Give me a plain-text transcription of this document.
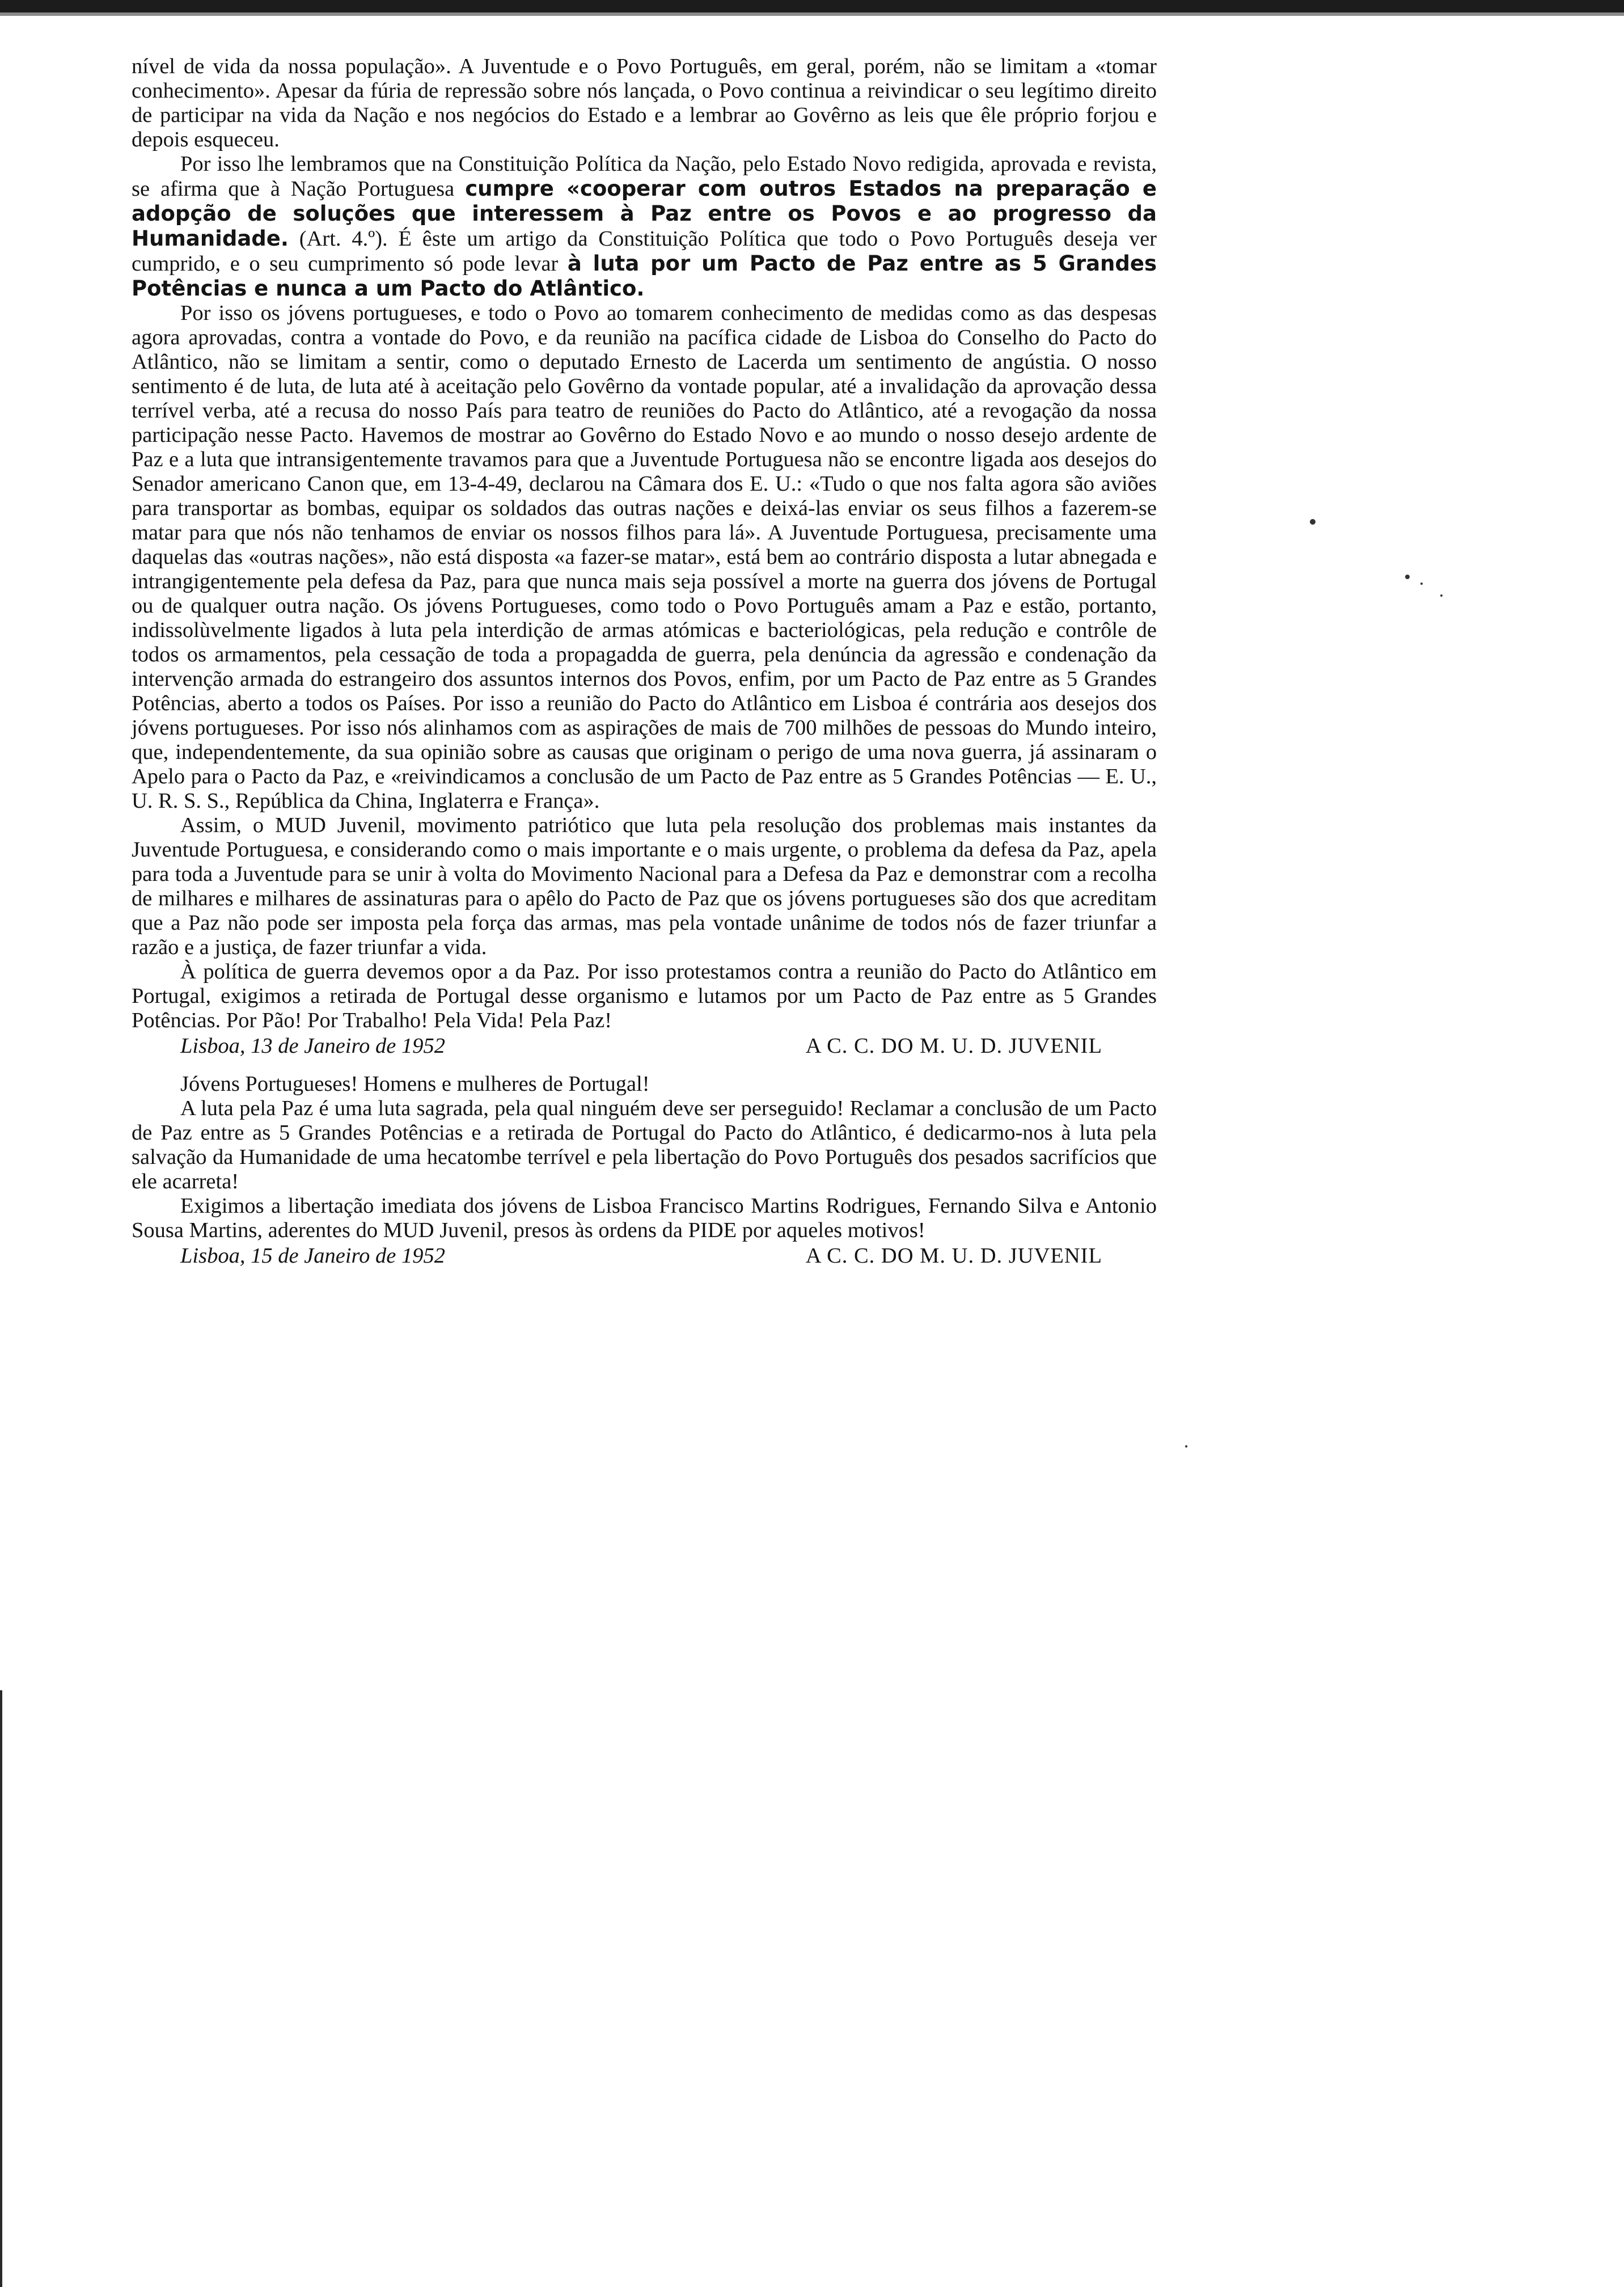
nível de vida da nossa população». A Juventude e o Povo Português, em geral, porém, não se limitam a «tomar conhecimento». Apesar da fúria de repressão sobre nós lançada, o Povo continua a reivindicar o seu legítimo direito de participar na vida da Nação e nos negócios do Estado e a lembrar ao Govêrno as leis que êle próprio forjou e depois esqueceu.

Por isso lhe lembramos que na Constituição Política da Nação, pelo Estado Novo redigida, aprovada e revista, se afirma que à Nação Portuguesa cumpre «cooperar com outros Estados na preparação e adopção de soluções que interessem à Paz entre os Povos e ao progresso da Humanidade. (Art. 4.º). É êste um artigo da Constituição Política que todo o Povo Português deseja ver cumprido, e o seu cumprimento só pode levar à luta por um Pacto de Paz entre as 5 Grandes Potências e nunca a um Pacto do Atlântico.

Por isso os jóvens portugueses, e todo o Povo ao tomarem conhecimento de medidas como as das despesas agora aprovadas, contra a vontade do Povo, e da reunião na pacífica cidade de Lisboa do Conselho do Pacto do Atlântico, não se limitam a sentir, como o deputado Ernesto de Lacerda um sentimento de angústia. O nosso sentimento é de luta, de luta até à aceitação pelo Govêrno da vontade popular, até a invalidação da aprovação dessa terrível verba, até a recusa do nosso País para teatro de reuniões do Pacto do Atlântico, até a revogação da nossa participação nesse Pacto. Havemos de mostrar ao Govêrno do Estado Novo e ao mundo o nosso desejo ardente de Paz e a luta que intransigentemente travamos para que a Juventude Portuguesa não se encontre ligada aos desejos do Senador americano Canon que, em 13-4-49, declarou na Câmara dos E. U.: «Tudo o que nos falta agora são aviões para transportar as bombas, equipar os soldados das outras nações e deixá-las enviar os seus filhos a fazerem-se matar para que nós não tenhamos de enviar os nossos filhos para lá». A Juventude Portuguesa, precisamente uma daquelas das «outras nações», não está disposta «a fazer-se matar», está bem ao contrário disposta a lutar abnegada e intrangigentemente pela defesa da Paz, para que nunca mais seja possível a morte na guerra dos jóvens de Portugal ou de qualquer outra nação. Os jóvens Portugueses, como todo o Povo Português amam a Paz e estão, portanto, indissolùvelmente ligados à luta pela interdição de armas atómicas e bacteriológicas, pela redução e contrôle de todos os armamentos, pela cessação de toda a propagadda de guerra, pela denúncia da agressão e condenação da intervenção armada do estrangeiro dos assuntos internos dos Povos, enfim, por um Pacto de Paz entre as 5 Grandes Potências, aberto a todos os Países. Por isso a reunião do Pacto do Atlântico em Lisboa é contrária aos desejos dos jóvens portugueses. Por isso nós alinhamos com as aspirações de mais de 700 milhões de pessoas do Mundo inteiro, que, independentemente, da sua opinião sobre as causas que originam o perigo de uma nova guerra, já assinaram o Apelo para o Pacto da Paz, e «reivindicamos a conclusão de um Pacto de Paz entre as 5 Grandes Potências — E. U., U. R. S. S., República da China, Inglaterra e França».

Assim, o MUD Juvenil, movimento patriótico que luta pela resolução dos problemas mais instantes da Juventude Portuguesa, e considerando como o mais importante e o mais urgente, o problema da defesa da Paz, apela para toda a Juventude para se unir à volta do Movimento Nacional para a Defesa da Paz e demonstrar com a recolha de milhares e milhares de assinaturas para o apêlo do Pacto de Paz que os jóvens portugueses são dos que acreditam que a Paz não pode ser imposta pela força das armas, mas pela vontade unânime de todos nós de fazer triunfar a razão e a justiça, de fazer triunfar a vida.

À política de guerra devemos opor a da Paz. Por isso protestamos contra a reunião do Pacto do Atlântico em Portugal, exigimos a retirada de Portugal desse organismo e lutamos por um Pacto de Paz entre as 5 Grandes Potências. Por Pão! Por Trabalho! Pela Vida! Pela Paz!

Lisboa, 13 de Janeiro de 1952	A C. C. DO M. U. D. JUVENIL

Jóvens Portugueses! Homens e mulheres de Portugal!

A luta pela Paz é uma luta sagrada, pela qual ninguém deve ser perseguido! Reclamar a conclusão de um Pacto de Paz entre as 5 Grandes Potências e a retirada de Portugal do Pacto do Atlântico, é dedicarmo-nos à luta pela salvação da Humanidade de uma hecatombe terrível e pela libertação do Povo Português dos pesados sacrifícios que ele acarreta!

Exigimos a libertação imediata dos jóvens de Lisboa Francisco Martins Rodrigues, Fernando Silva e Antonio Sousa Martins, aderentes do MUD Juvenil, presos às ordens da PIDE por aqueles motivos!

Lisboa, 15 de Janeiro de 1952	A C. C. DO M. U. D. JUVENIL
